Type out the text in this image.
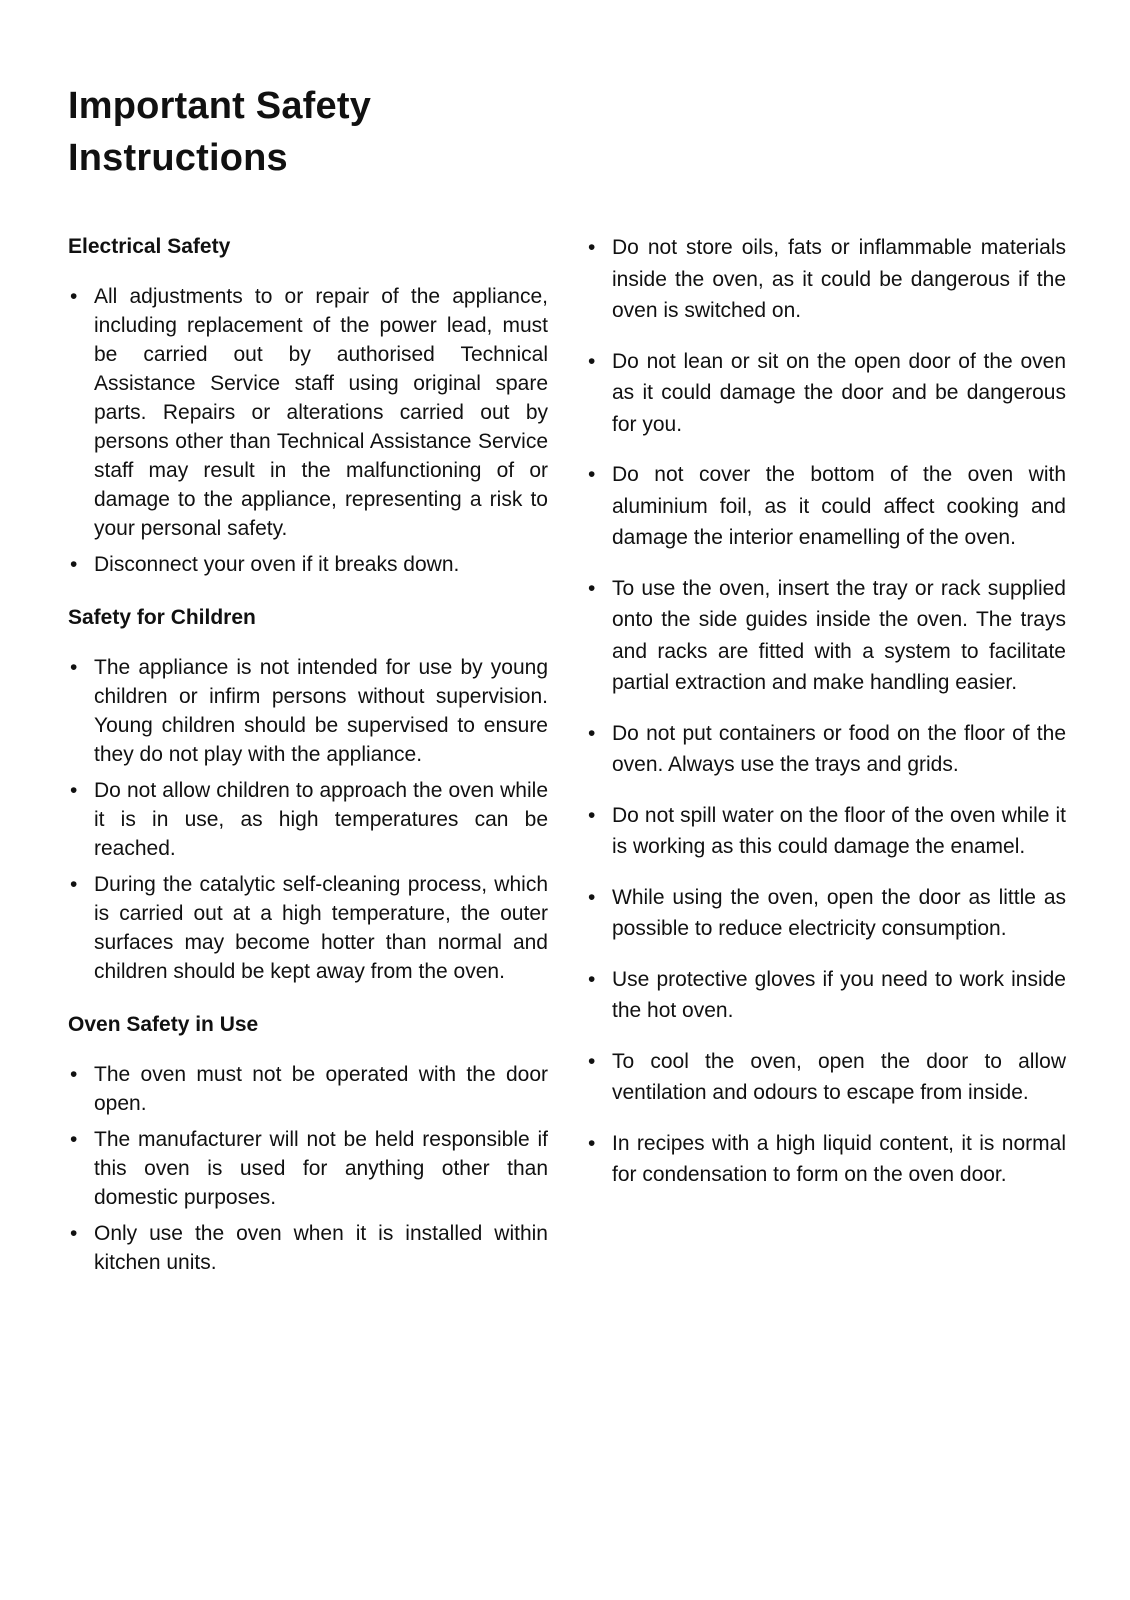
Important Safety
Instructions
Electrical Safety
• All adjustments to or repair of the appliance, including replacement of the power lead, must be carried out by authorised Technical Assistance Service staff using original spare parts. Repairs or alterations carried out by persons other than Technical Assistance Service staff may result in the malfunctioning of or damage to the appliance, representing a risk to your personal safety.
• Disconnect your oven if it breaks down.
Safety for Children
• The appliance is not intended for use by young children or infirm persons without supervision. Young children should be supervised to ensure they do not play with the appliance.
• Do not allow children to approach the oven while it is in use, as high temperatures can be reached.
• During the catalytic self-cleaning process, which is carried out at a high temperature, the outer surfaces may become hotter than normal and children should be kept away from the oven.
Oven Safety in Use
• The oven must not be operated with the door open.
• The manufacturer will not be held responsible if this oven is used for anything other than domestic purposes.
• Only use the oven when it is installed within kitchen units.
• Do not store oils, fats or inflammable materials inside the oven, as it could be dangerous if the oven is switched on.
• Do not lean or sit on the open door of the oven as it could damage the door and be dangerous for you.
• Do not cover the bottom of the oven with aluminium foil, as it could affect cooking and damage the interior enamelling of the oven.
• To use the oven, insert the tray or rack supplied onto the side guides inside the oven. The trays and racks are fitted with a system to facilitate partial extraction and make handling easier.
• Do not put containers or food on the floor of the oven. Always use the trays and grids.
• Do not spill water on the floor of the oven while it is working as this could damage the enamel.
• While using the oven, open the door as little as possible to reduce electricity consumption.
• Use protective gloves if you need to work inside the hot oven.
• To cool the oven, open the door to allow ventilation and odours to escape from inside.
• In recipes with a high liquid content, it is normal for condensation to form on the oven door.
